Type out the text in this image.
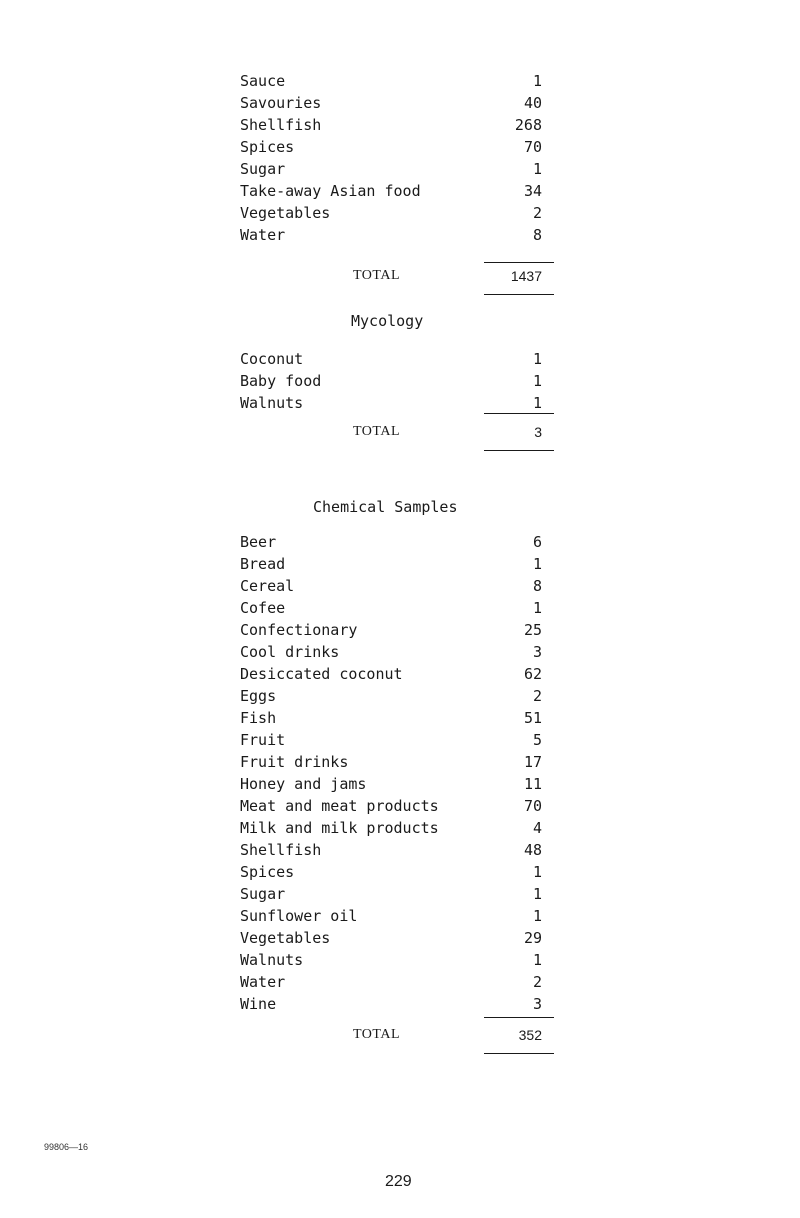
Sauce	1
Savouries	40
Shellfish	268
Spices	70
Sugar	1
Take-away Asian food	34
Vegetables	2
Water	8
TOTAL	1437
Mycology
Coconut	1
Baby food	1
Walnuts	1
TOTAL	3
Chemical Samples
Beer	6
Bread	1
Cereal	8
Cofee	1
Confectionary	25
Cool drinks	3
Desiccated coconut	62
Eggs	2
Fish	51
Fruit	5
Fruit drinks	17
Honey and jams	11
Meat and meat products	70
Milk and milk products	4
Shellfish	48
Spices	1
Sugar	1
Sunflower oil	1
Vegetables	29
Walnuts	1
Water	2
Wine	3
TOTAL	352
99806—16
229
